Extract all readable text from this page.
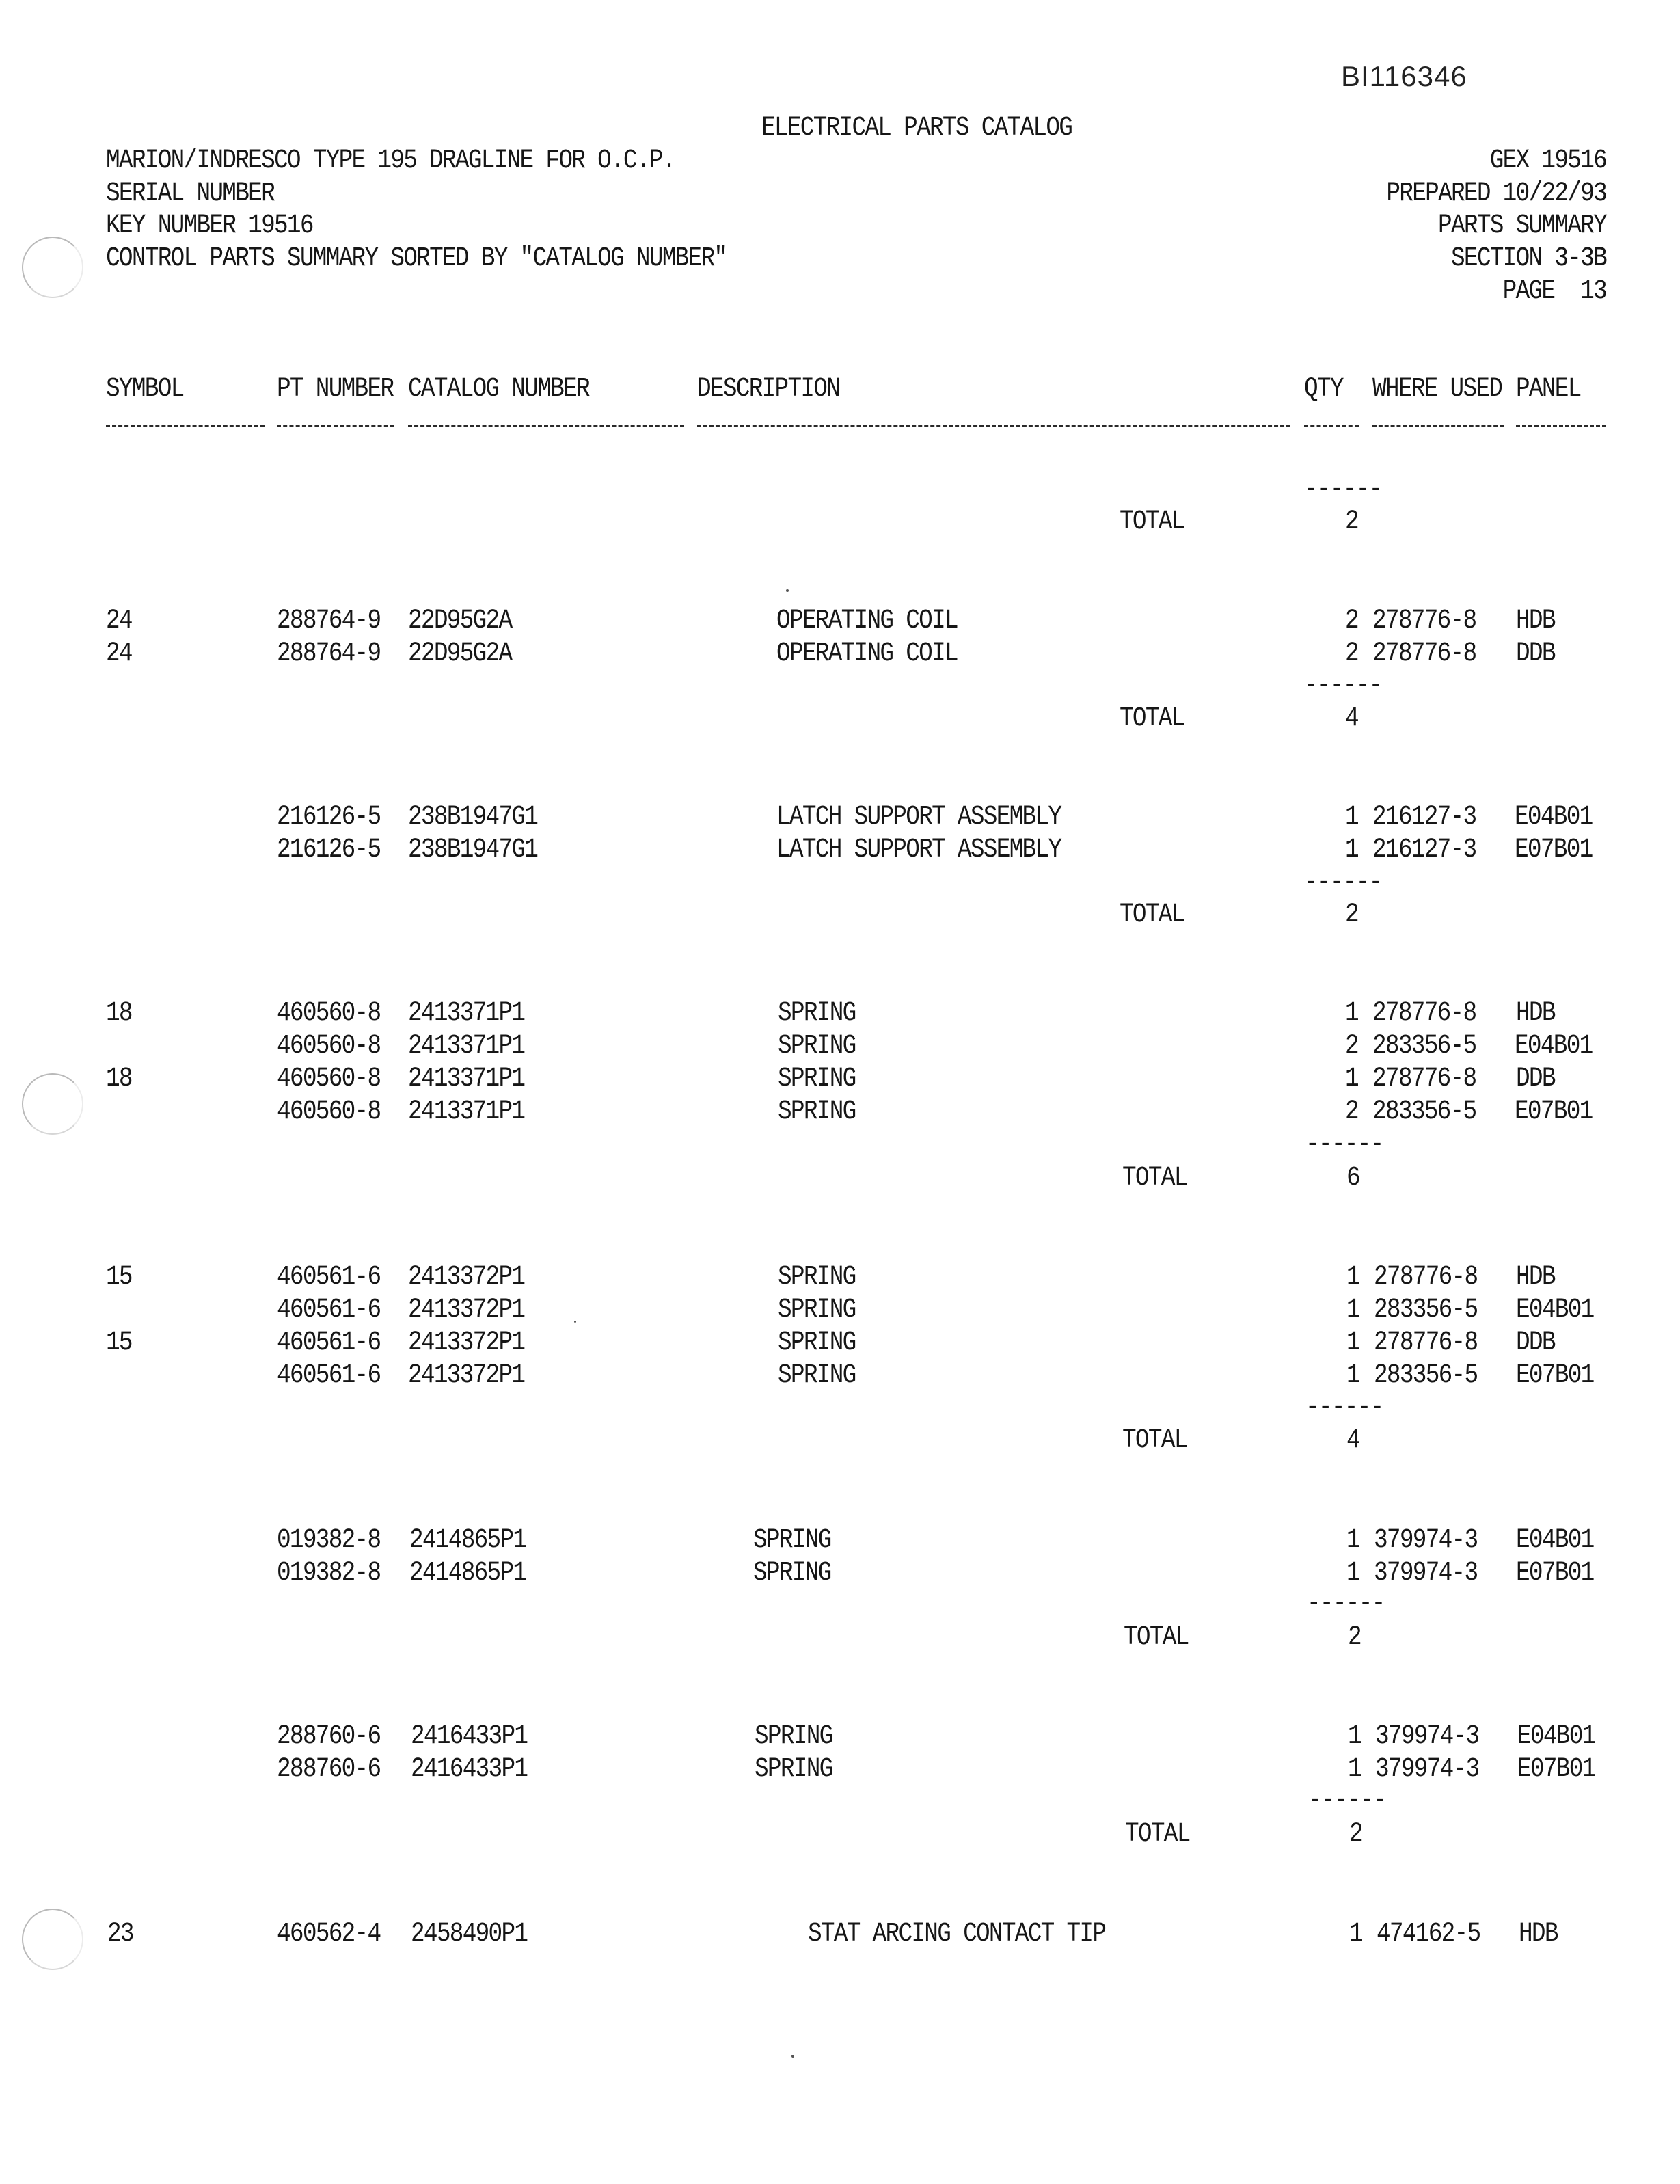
BI116346
ELECTRICAL PARTS CATALOG
MARION/INDRESCO TYPE 195 DRAGLINE FOR O.C.P.
SERIAL NUMBER
KEY NUMBER 19516
CONTROL PARTS SUMMARY SORTED BY "CATALOG NUMBER"
GEX 19516
PREPARED 10/22/93
PARTS SUMMARY
SECTION 3-3B
PAGE  13
SYMBOL	PT NUMBER CATALOG NUMBER	DESCRIPTION	QTY WHERE USED PANEL
------
TOTAL	2
24	288764-9 22D95G2A	OPERATING COIL	2 278776-8 HDB
24	288764-9 22D95G2A	OPERATING COIL	2 278776-8 DDB
------
TOTAL	4
216126-5 238B1947G1	LATCH SUPPORT ASSEMBLY	1 216127-3 E04B01
216126-5 238B1947G1	LATCH SUPPORT ASSEMBLY	1 216127-3 E07B01
------
TOTAL	2
18	460560-8 2413371P1	SPRING	1 278776-8 HDB
460560-8 2413371P1	SPRING	2 283356-5 E04B01
18	460560-8 2413371P1	SPRING	1 278776-8 DDB
460560-8 2413371P1	SPRING	2 283356-5 E07B01
------
TOTAL	6
15	460561-6 2413372P1	SPRING	1 278776-8 HDB
460561-6 2413372P1	SPRING	1 283356-5 E04B01
15	460561-6 2413372P1	SPRING	1 278776-8 DDB
460561-6 2413372P1	SPRING	1 283356-5 E07B01
------
TOTAL	4
019382-8 2414865P1	SPRING	1 379974-3 E04B01
019382-8 2414865P1	SPRING	1 379974-3 E07B01
------
TOTAL	2
288760-6 2416433P1	SPRING	1 379974-3 E04B01
288760-6 2416433P1	SPRING	1 379974-3 E07B01
------
TOTAL	2
23	460562-4 2458490P1	STAT ARCING CONTACT TIP	1 474162-5 HDB
